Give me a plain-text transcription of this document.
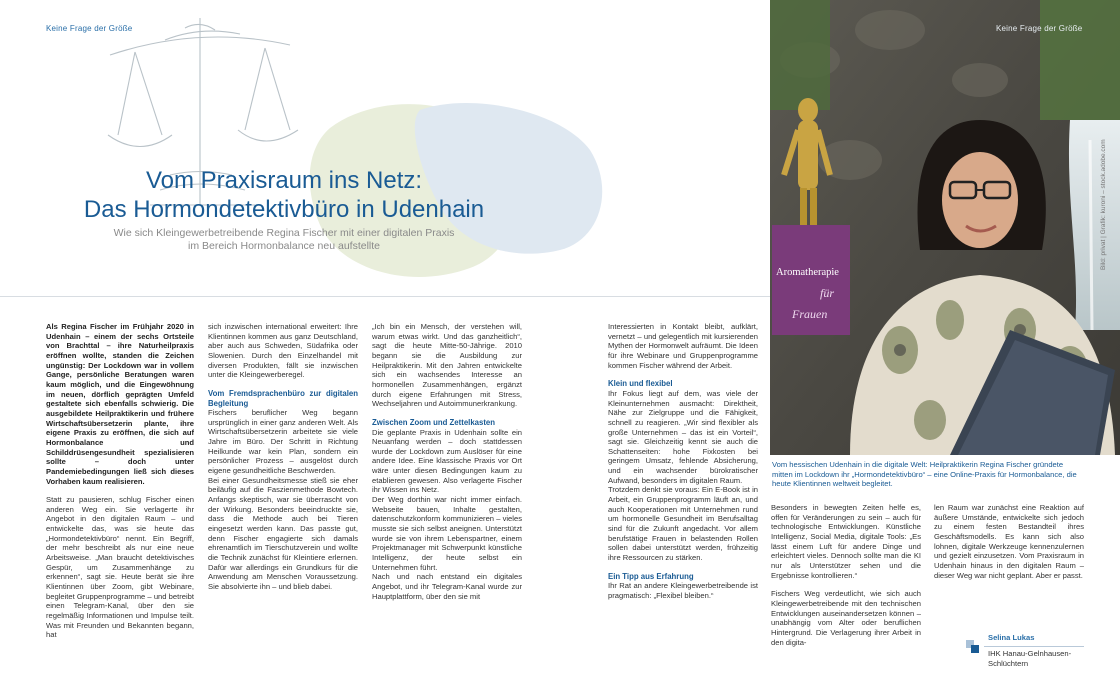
Keine Frage der Größe
Vom Praxisraum ins Netz:
Das Hormondetektivbüro in Udenhain
Wie sich Kleingewerbetreibende Regina Fischer mit einer digitalen Praxis
im Bereich Hormonbalance neu aufstellte

Als Regina Fischer im Frühjahr 2020 in Udenhain – einem der sechs Ortsteile von Brachttal – ihre Naturheilpraxis eröffnen wollte, standen die Zeichen ungünstig: Der Lockdown war in vollem Gange, persönliche Beratungen waren kaum möglich, und die Eingewöhnung im neuen, dörflich geprägten Umfeld gestaltete sich ebenfalls schwierig. Die ausgebildete Heilpraktikerin und frühere Wirtschaftsübersetzerin plante, ihre eigene Praxis zu eröffnen, die sich auf Hormonbalance und Schilddrüsengesundheit spezialisieren sollte – doch unter Pandemiebedingungen ließ sich dieses Vorhaben kaum realisieren.

Statt zu pausieren, schlug Fischer einen anderen Weg ein. Sie verlagerte ihr Angebot in den digitalen Raum – und entwickelte das, was sie heute das „Hormondetektivbüro“ nennt. Ein Begriff, der mehr beschreibt als nur eine neue Arbeitsweise. „Man braucht detektivisches Gespür, um Zusammenhänge zu erkennen“, sagt sie. Heute berät sie ihre Klientinnen über Zoom, gibt Webinare, begleitet Gruppenprogramme – und betreibt einen Telegram-Kanal, über den sie regelmäßig Informationen und Impulse teilt. Was mit Freunden und Bekannten begann, hat

sich inzwischen international erweitert: Ihre Klientinnen kommen aus ganz Deutschland, aber auch aus Schweden, Südafrika oder Slowenien. Durch den Einzelhandel mit diversen Produkten, fällt sie inzwischen unter die Kleingewerberegel.

Vom Fremdsprachenbüro zur digitalen Begleitung

Fischers beruflicher Weg begann ursprünglich in einer ganz anderen Welt. Als Wirtschaftsübersetzerin arbeitete sie viele Jahre im Büro. Der Schritt in Richtung Heilkunde war kein Plan, sondern ein persönlicher Prozess – ausgelöst durch eigene gesundheitliche Beschwerden.

Bei einer Gesundheitsmesse stieß sie eher beiläufig auf die Faszienmethode Bowtech. Anfangs skeptisch, war sie überrascht von der Wirkung. Besonders beeindruckte sie, dass die Methode auch bei Tieren eingesetzt werden kann. Das passte gut, denn Fischer engagierte sich damals ehrenamtlich im Tierschutzverein und wollte die Technik zunächst für Kleintiere erlernen. Dafür war allerdings ein Grundkurs für die Anwendung am Menschen Voraussetzung. Sie absolvierte ihn – und blieb dabei.

„Ich bin ein Mensch, der verstehen will, warum etwas wirkt. Und das ganzheitlich“, sagt die heute Mitte-50-Jährige. 2010 begann sie die Ausbildung zur Heilpraktikerin. Mit den Jahren entwickelte sich ein wachsendes Interesse an hormonellen Zusammenhängen, ergänzt durch eigene Erfahrungen mit Stress, Wechseljahren und Autoimmunerkrankung.

Zwischen Zoom und Zettelkasten

Die geplante Praxis in Udenhain sollte ein Neuanfang werden – doch stattdessen wurde der Lockdown zum Auslöser für eine andere Idee. Eine klassische Praxis vor Ort wäre unter diesen Bedingungen kaum zu etablieren gewesen. Also verlagerte Fischer ihr Wissen ins Netz.

Der Weg dorthin war nicht immer einfach. Webseite bauen, Inhalte gestalten, datenschutzkonform kommunizieren – vieles musste sie sich selbst aneignen. Unterstützt wurde sie von ihrem Lebenspartner, einem Projektmanager mit Schwerpunkt künstliche Intelligenz, der heute selbst ein Unternehmen führt.

Nach und nach entstand ein digitales Angebot, und ihr Telegram-Kanal wurde zur Hauptplattform, über den sie mit

Interessierten in Kontakt bleibt, aufklärt, vernetzt – und gelegentlich mit kursierenden Mythen der Hormonwelt aufräumt. Die Ideen für ihre Webinare und Gruppenprogramme kommen Fischer während der Arbeit.

Klein und flexibel

Ihr Fokus liegt auf dem, was viele der Kleinunternehmen ausmacht: Direktheit, Nähe zur Zielgruppe und die Fähigkeit, schnell zu reagieren. „Wir sind flexibler als große Unternehmen – das ist ein Vorteil“, sagt sie. Gleichzeitig kennt sie auch die Schattenseiten: hohe Fixkosten bei geringem Umsatz, fehlende Absicherung, und ein wachsender bürokratischer Aufwand, besonders im digitalen Raum.

Trotzdem denkt sie voraus: Ein E-Book ist in Arbeit, ein Gruppenprogramm läuft an, und auch Kooperationen mit Unternehmen rund um hormonelle Gesundheit im Berufsalltag sind für die Zukunft angedacht. Vor allem berufstätige Frauen in belastenden Rollen sollen dabei unterstützt werden, frühzeitig ihre Ressourcen zu stärken.

Ein Tipp aus Erfahrung

Ihr Rat an andere Kleingewerbetreibende ist pragmatisch: „Flexibel bleiben.“

Besonders in bewegten Zeiten helfe es, offen für Veränderungen zu sein – auch für technologische Entwicklungen. Künstliche Intelligenz, Social Media, digitale Tools: „Es lässt einem Luft für andere Dinge und erleichtert vieles. Dennoch sollte man die KI nur als Unterstützer sehen und die Ergebnisse kontrollieren.“

Fischers Weg verdeutlicht, wie sich auch Kleingewerbetreibende mit den technischen Entwicklungen auseinandersetzen können – unabhängig vom Alter oder beruflichen Hintergrund. Die Verlagerung ihrer Arbeit in den digita-

len Raum war zunächst eine Reaktion auf äußere Umstände, entwickelte sich jedoch zu einem festen Bestandteil ihres Geschäftsmodells. Es kann sich also lohnen, digitale Werkzeuge kennenzulernen und gezielt einzusetzen. Vom Praxisraum in Udenhain hinaus in den digitalen Raum – dieser Weg war nicht geplant. Aber er passt.

Aromatherapie
für
Frauen
Keine Frage der Größe
Bild: privat | Grafik: kuroni – stock.adobe.com
Vom hessischen Udenhain in die digitale Welt: Heilpraktikerin Regina Fischer gründete mitten im Lockdown ihr „Hormondetektivbüro“ – eine Online-Praxis für Hormonbalance, die heute Klientinnen weltweit begleitet.
Selina Lukas
IHK Hanau-Gelnhausen-
Schlüchtern
